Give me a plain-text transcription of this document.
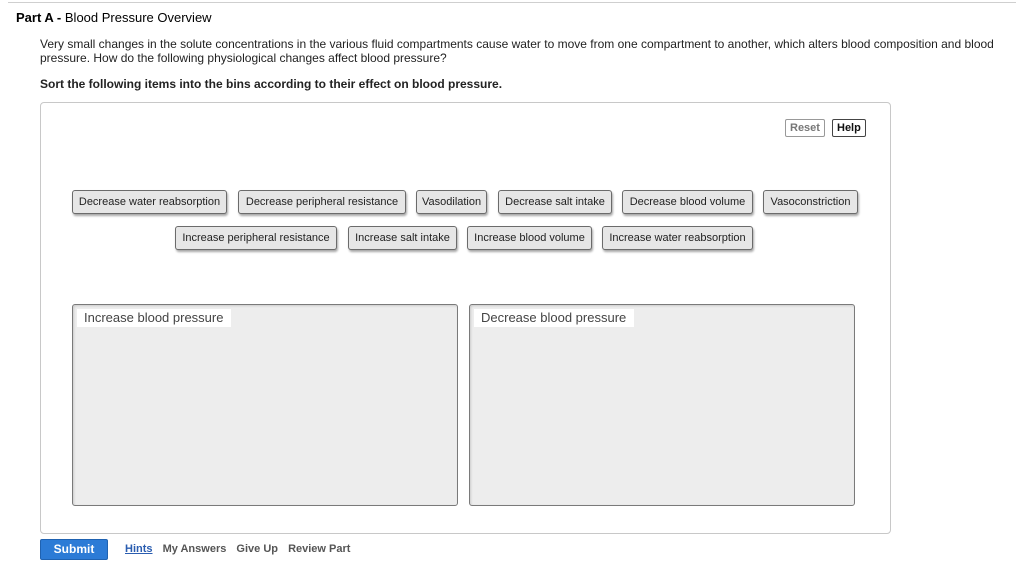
Part A - Blood Pressure Overview
Very small changes in the solute concentrations in the various fluid compartments cause water to move from one compartment to another, which alters blood composition and blood pressure. How do the following physiological changes affect blood pressure?
Sort the following items into the bins according to their effect on blood pressure.
Reset	Help
Decrease water reabsorption	Decrease peripheral resistance	Vasodilation	Decrease salt intake	Decrease blood volume	Vasoconstriction
Increase peripheral resistance	Increase salt intake	Increase blood volume	Increase water reabsorption
Increase blood pressure	Decrease blood pressure
Submit	Hints My Answers Give Up Review Part
